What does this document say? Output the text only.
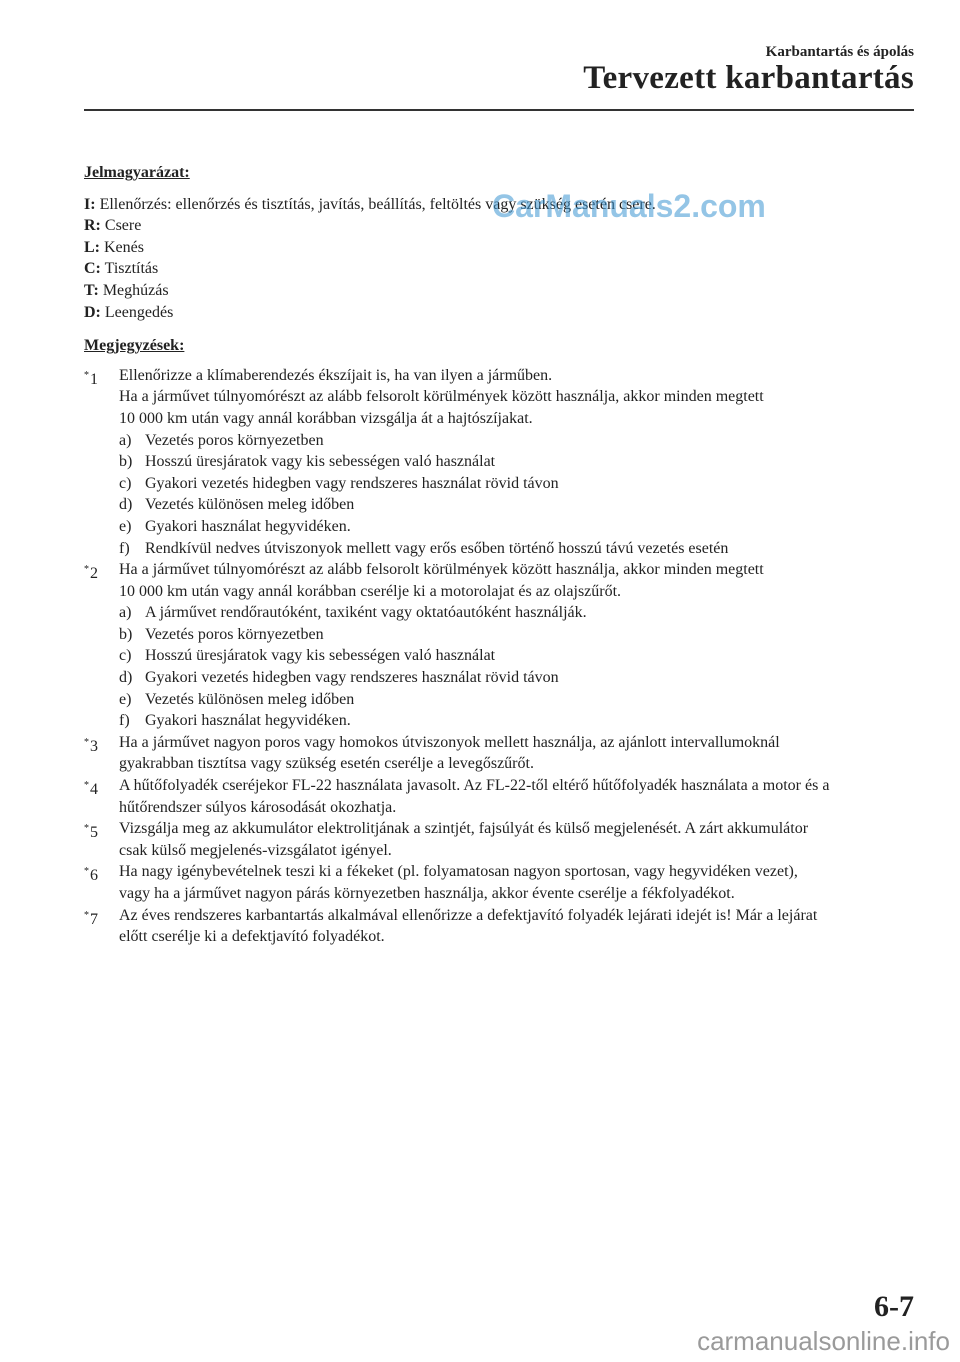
Karbantartás és ápolás
Tervezett karbantartás

Jelmagyarázat:

I: Ellenőrzés: ellenőrzés és tisztítás, javítás, beállítás, feltöltés vagy szükség esetén csere.

R: Csere

L: Kenés

C: Tisztítás

T: Meghúzás

D: Leengedés

Megjegyzések:

*1 Ellenőrizze a klímaberendezés ékszíjait is, ha van ilyen a járműben.

Ha a járművet túlnyomórészt az alább felsorolt körülmények között használja, akkor minden megtett

10 000 km után vagy annál korábban vizsgálja át a hajtószíjakat.

a) Vezetés poros környezetben

b) Hosszú üresjáratok vagy kis sebességen való használat

c) Gyakori vezetés hidegben vagy rendszeres használat rövid távon

d) Vezetés különösen meleg időben

e) Gyakori használat hegyvidéken.

f) Rendkívül nedves útviszonyok mellett vagy erős esőben történő hosszú távú vezetés esetén

*2 Ha a járművet túlnyomórészt az alább felsorolt körülmények között használja, akkor minden megtett

10 000 km után vagy annál korábban cserélje ki a motorolajat és az olajszűrőt.

a) A járművet rendőrautóként, taxiként vagy oktatóautóként használják.

b) Vezetés poros környezetben

c) Hosszú üresjáratok vagy kis sebességen való használat

d) Gyakori vezetés hidegben vagy rendszeres használat rövid távon

e) Vezetés különösen meleg időben

f) Gyakori használat hegyvidéken.

*3 Ha a járművet nagyon poros vagy homokos útviszonyok mellett használja, az ajánlott intervallumoknál

gyakrabban tisztítsa vagy szükség esetén cserélje a levegőszűrőt.

*4 A hűtőfolyadék cseréjekor FL-22 használata javasolt. Az FL-22-től eltérő hűtőfolyadék használata a motor és a

hűtőrendszer súlyos károsodását okozhatja.

*5 Vizsgálja meg az akkumulátor elektrolitjának a szintjét, fajsúlyát és külső megjelenését. A zárt akkumulátor

csak külső megjelenés-vizsgálatot igényel.

*6 Ha nagy igénybevételnek teszi ki a fékeket (pl. folyamatosan nagyon sportosan, vagy hegyvidéken vezet),

vagy ha a járművet nagyon párás környezetben használja, akkor évente cserélje a fékfolyadékot.

*7 Az éves rendszeres karbantartás alkalmával ellenőrizze a defektjavító folyadék lejárati idejét is! Már a lejárat

előtt cserélje ki a defektjavító folyadékot.

CarManuals2.com
6-7
carmanualsonline.info
